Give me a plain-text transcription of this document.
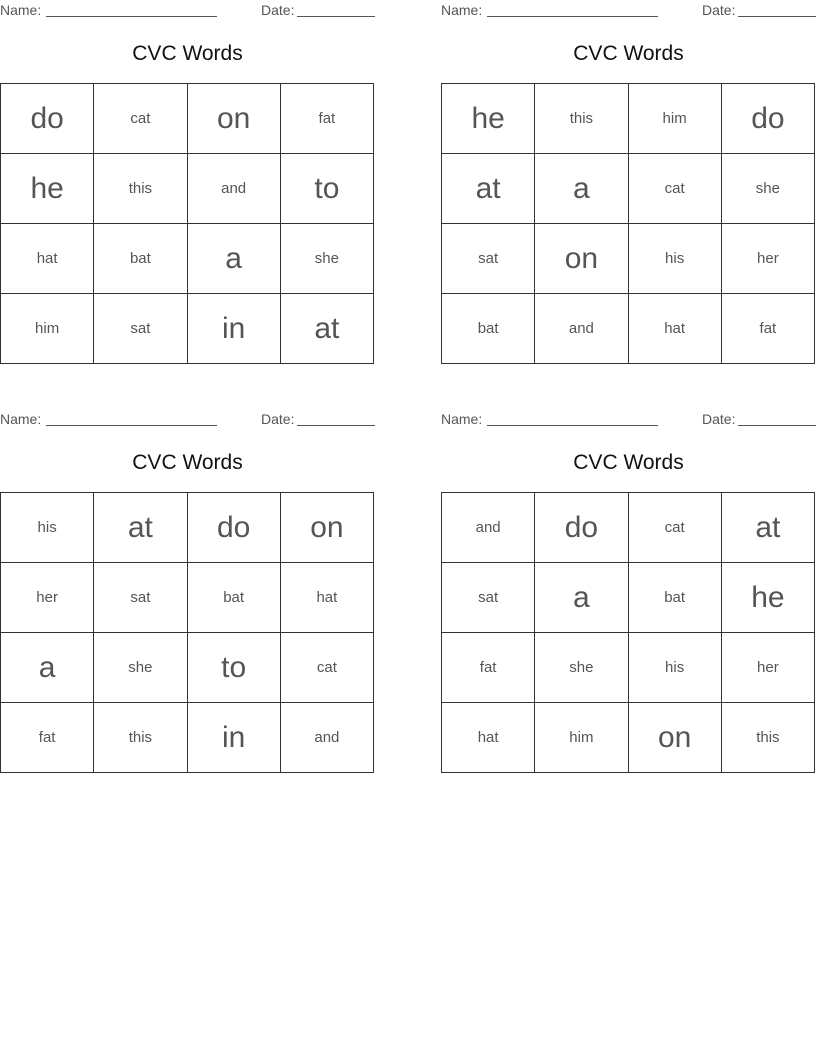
Name:	Date:
CVC Words
do	cat	on	fat
he	this	and	to
hat	bat	a	she
him	sat	in	at
Name:	Date:
CVC Words
he	this	him	do
at	a	cat	she
sat	on	his	her
bat	and	hat	fat
Name:	Date:
CVC Words
his	at	do	on
her	sat	bat	hat
a	she	to	cat
fat	this	in	and
Name:	Date:
CVC Words
and	do	cat	at
sat	a	bat	he
fat	she	his	her
hat	him	on	this
